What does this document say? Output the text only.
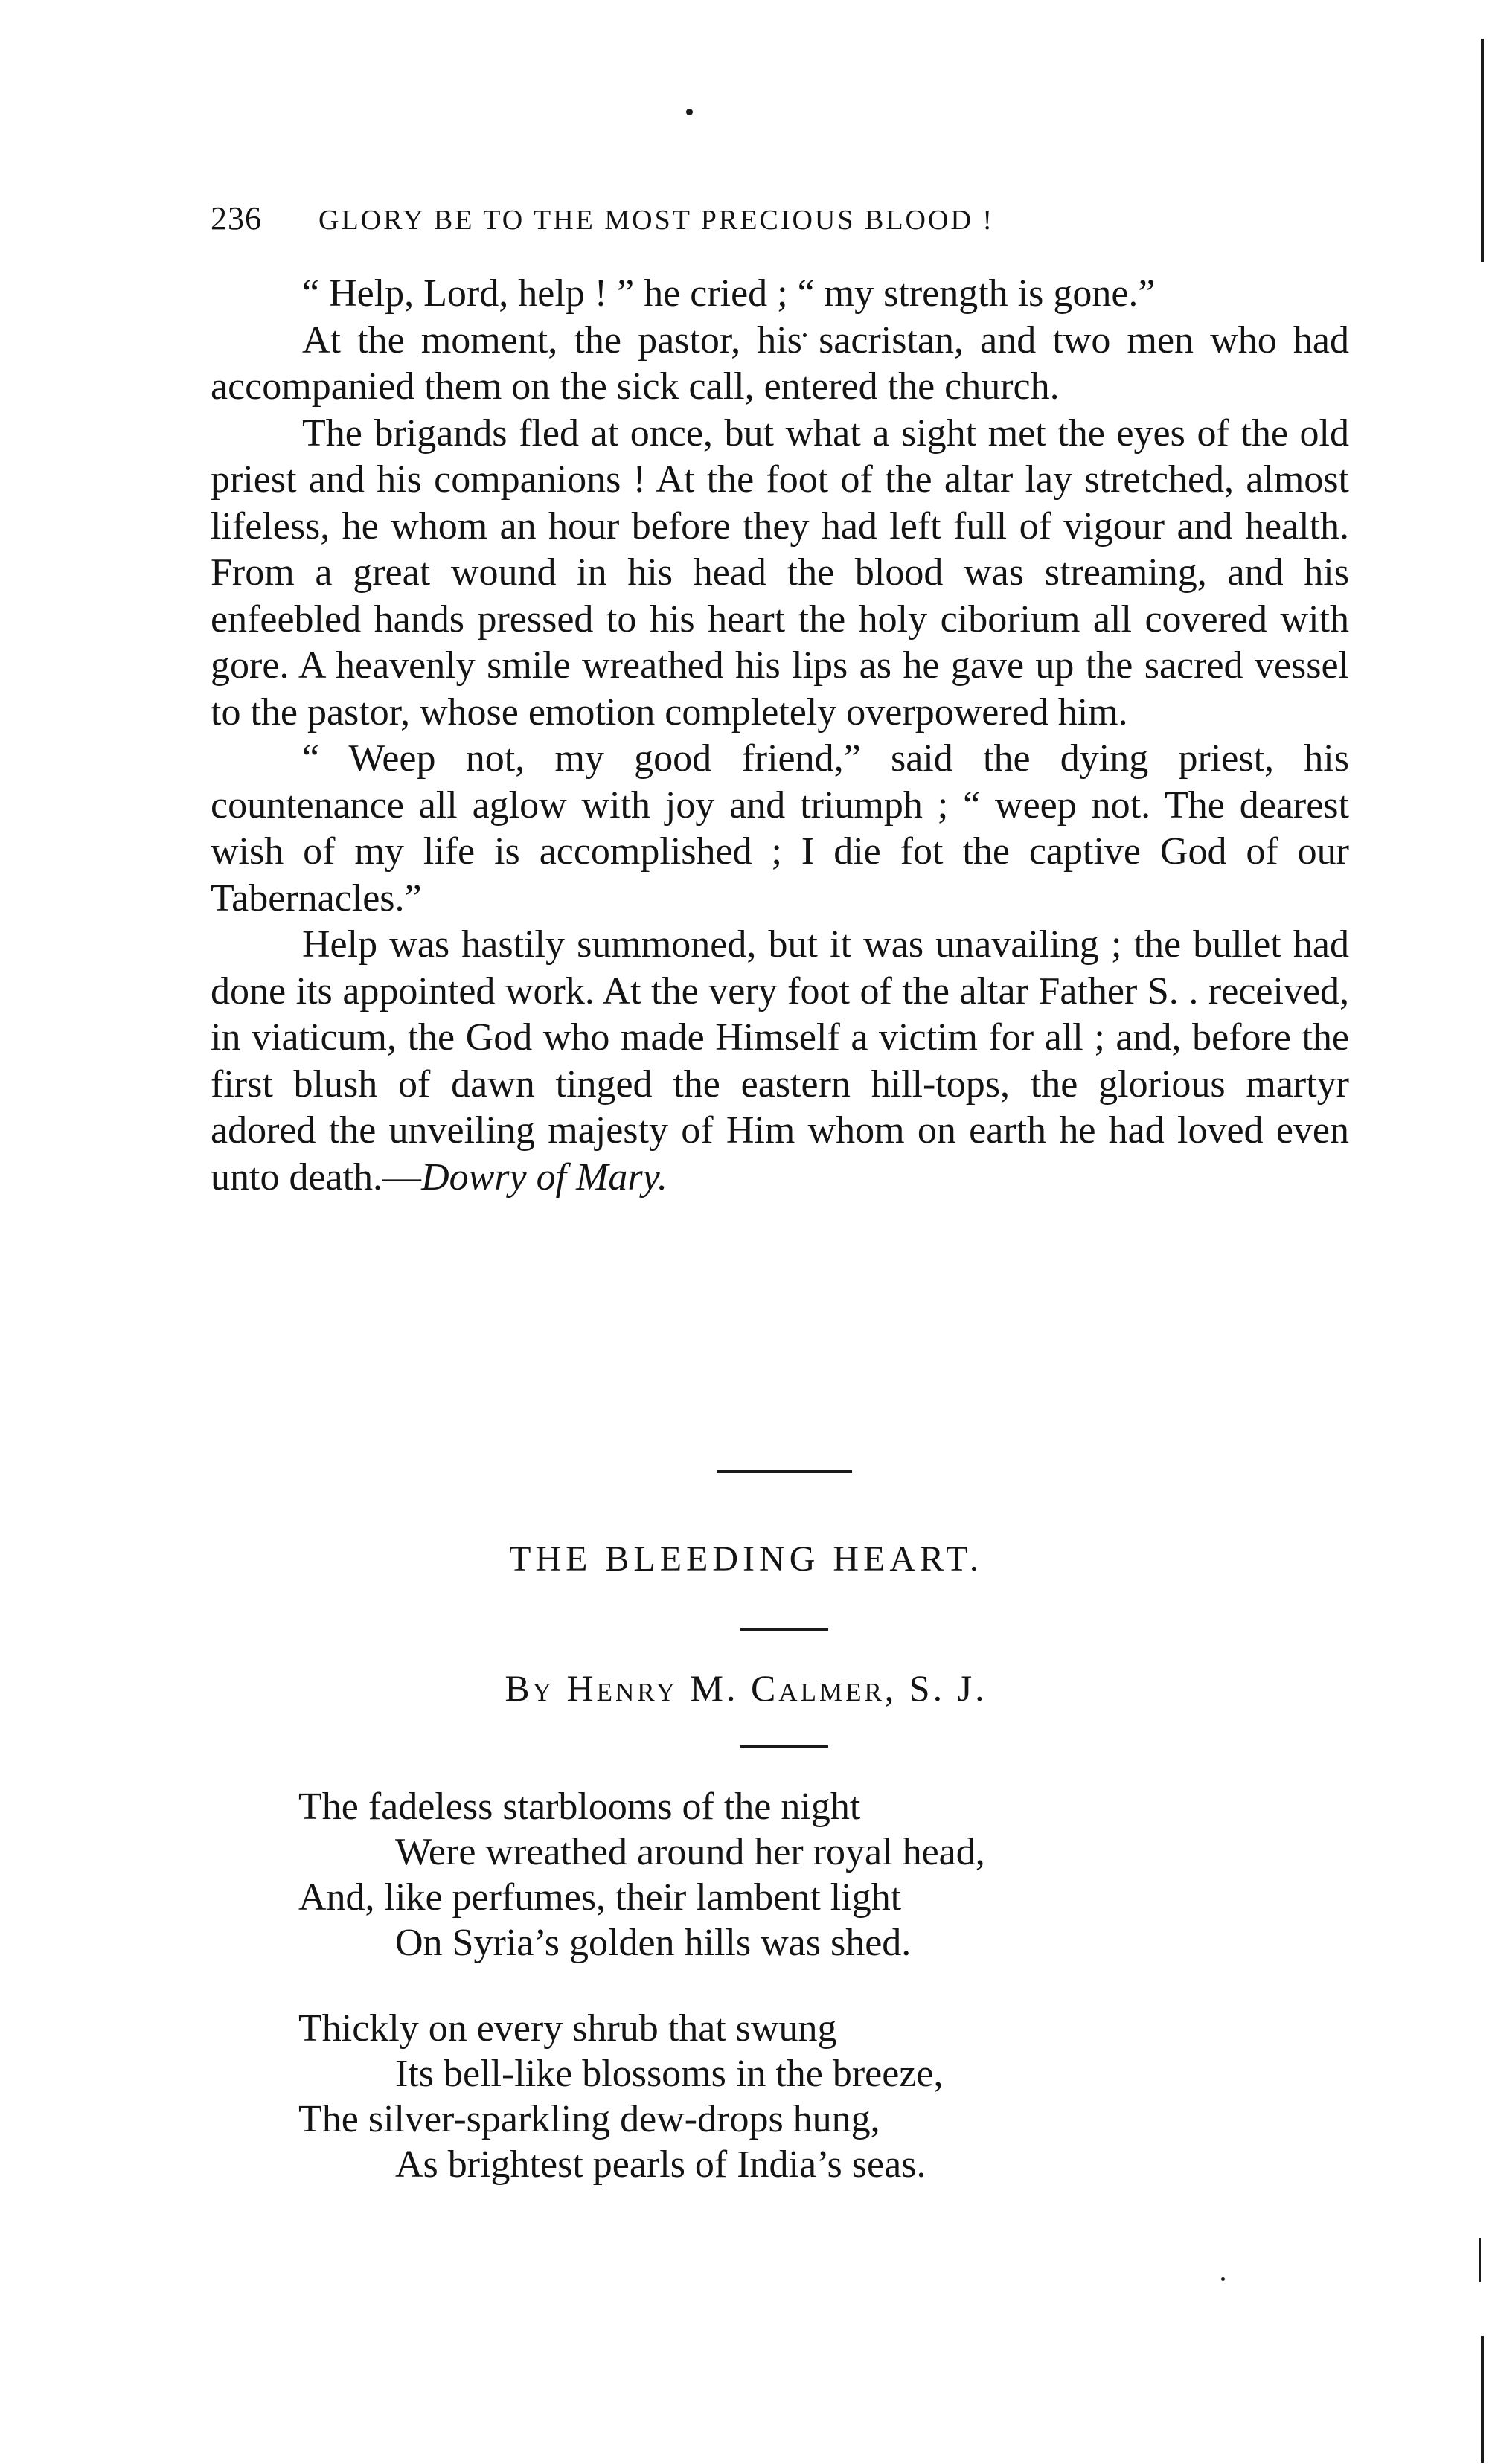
236 GLORY BE TO THE MOST PRECIOUS BLOOD !

“ Help, Lord, help ! ” he cried ; “ my strength is gone.”

At the moment, the pastor, his sacristan, and two men who had accompanied them on the sick call, entered the church.

The brigands fled at once, but what a sight met the eyes of the old priest and his companions ! At the foot of the altar lay stretched, almost lifeless, he whom an hour before they had left full of vigour and health. From a great wound in his head the blood was streaming, and his enfeebled hands pressed to his heart the holy ciborium all covered with gore. A heavenly smile wreathed his lips as he gave up the sacred vessel to the pastor, whose emotion completely overpowered him.

“ Weep not, my good friend,” said the dying priest, his countenance all aglow with joy and triumph ; “ weep not. The dearest wish of my life is accomplished ; I die fot the captive God of our Tabernacles.”

Help was hastily summoned, but it was unavailing ; the bullet had done its appointed work. At the very foot of the altar Father S. . received, in viaticum, the God who made Himself a victim for all ; and, before the first blush of dawn tinged the eastern hill-tops, the glorious martyr adored the unveiling majesty of Him whom on earth he had loved even unto death.—Dowry of Mary.

THE BLEEDING HEART.
By Henry M. Calmer, S. J.
The fadeless starblooms of the night
Were wreathed around her royal head,
And, like perfumes, their lambent light
On Syria’s golden hills was shed.
Thickly on every shrub that swung
Its bell-like blossoms in the breeze,
The silver-sparkling dew-drops hung,
As brightest pearls of India’s seas.
